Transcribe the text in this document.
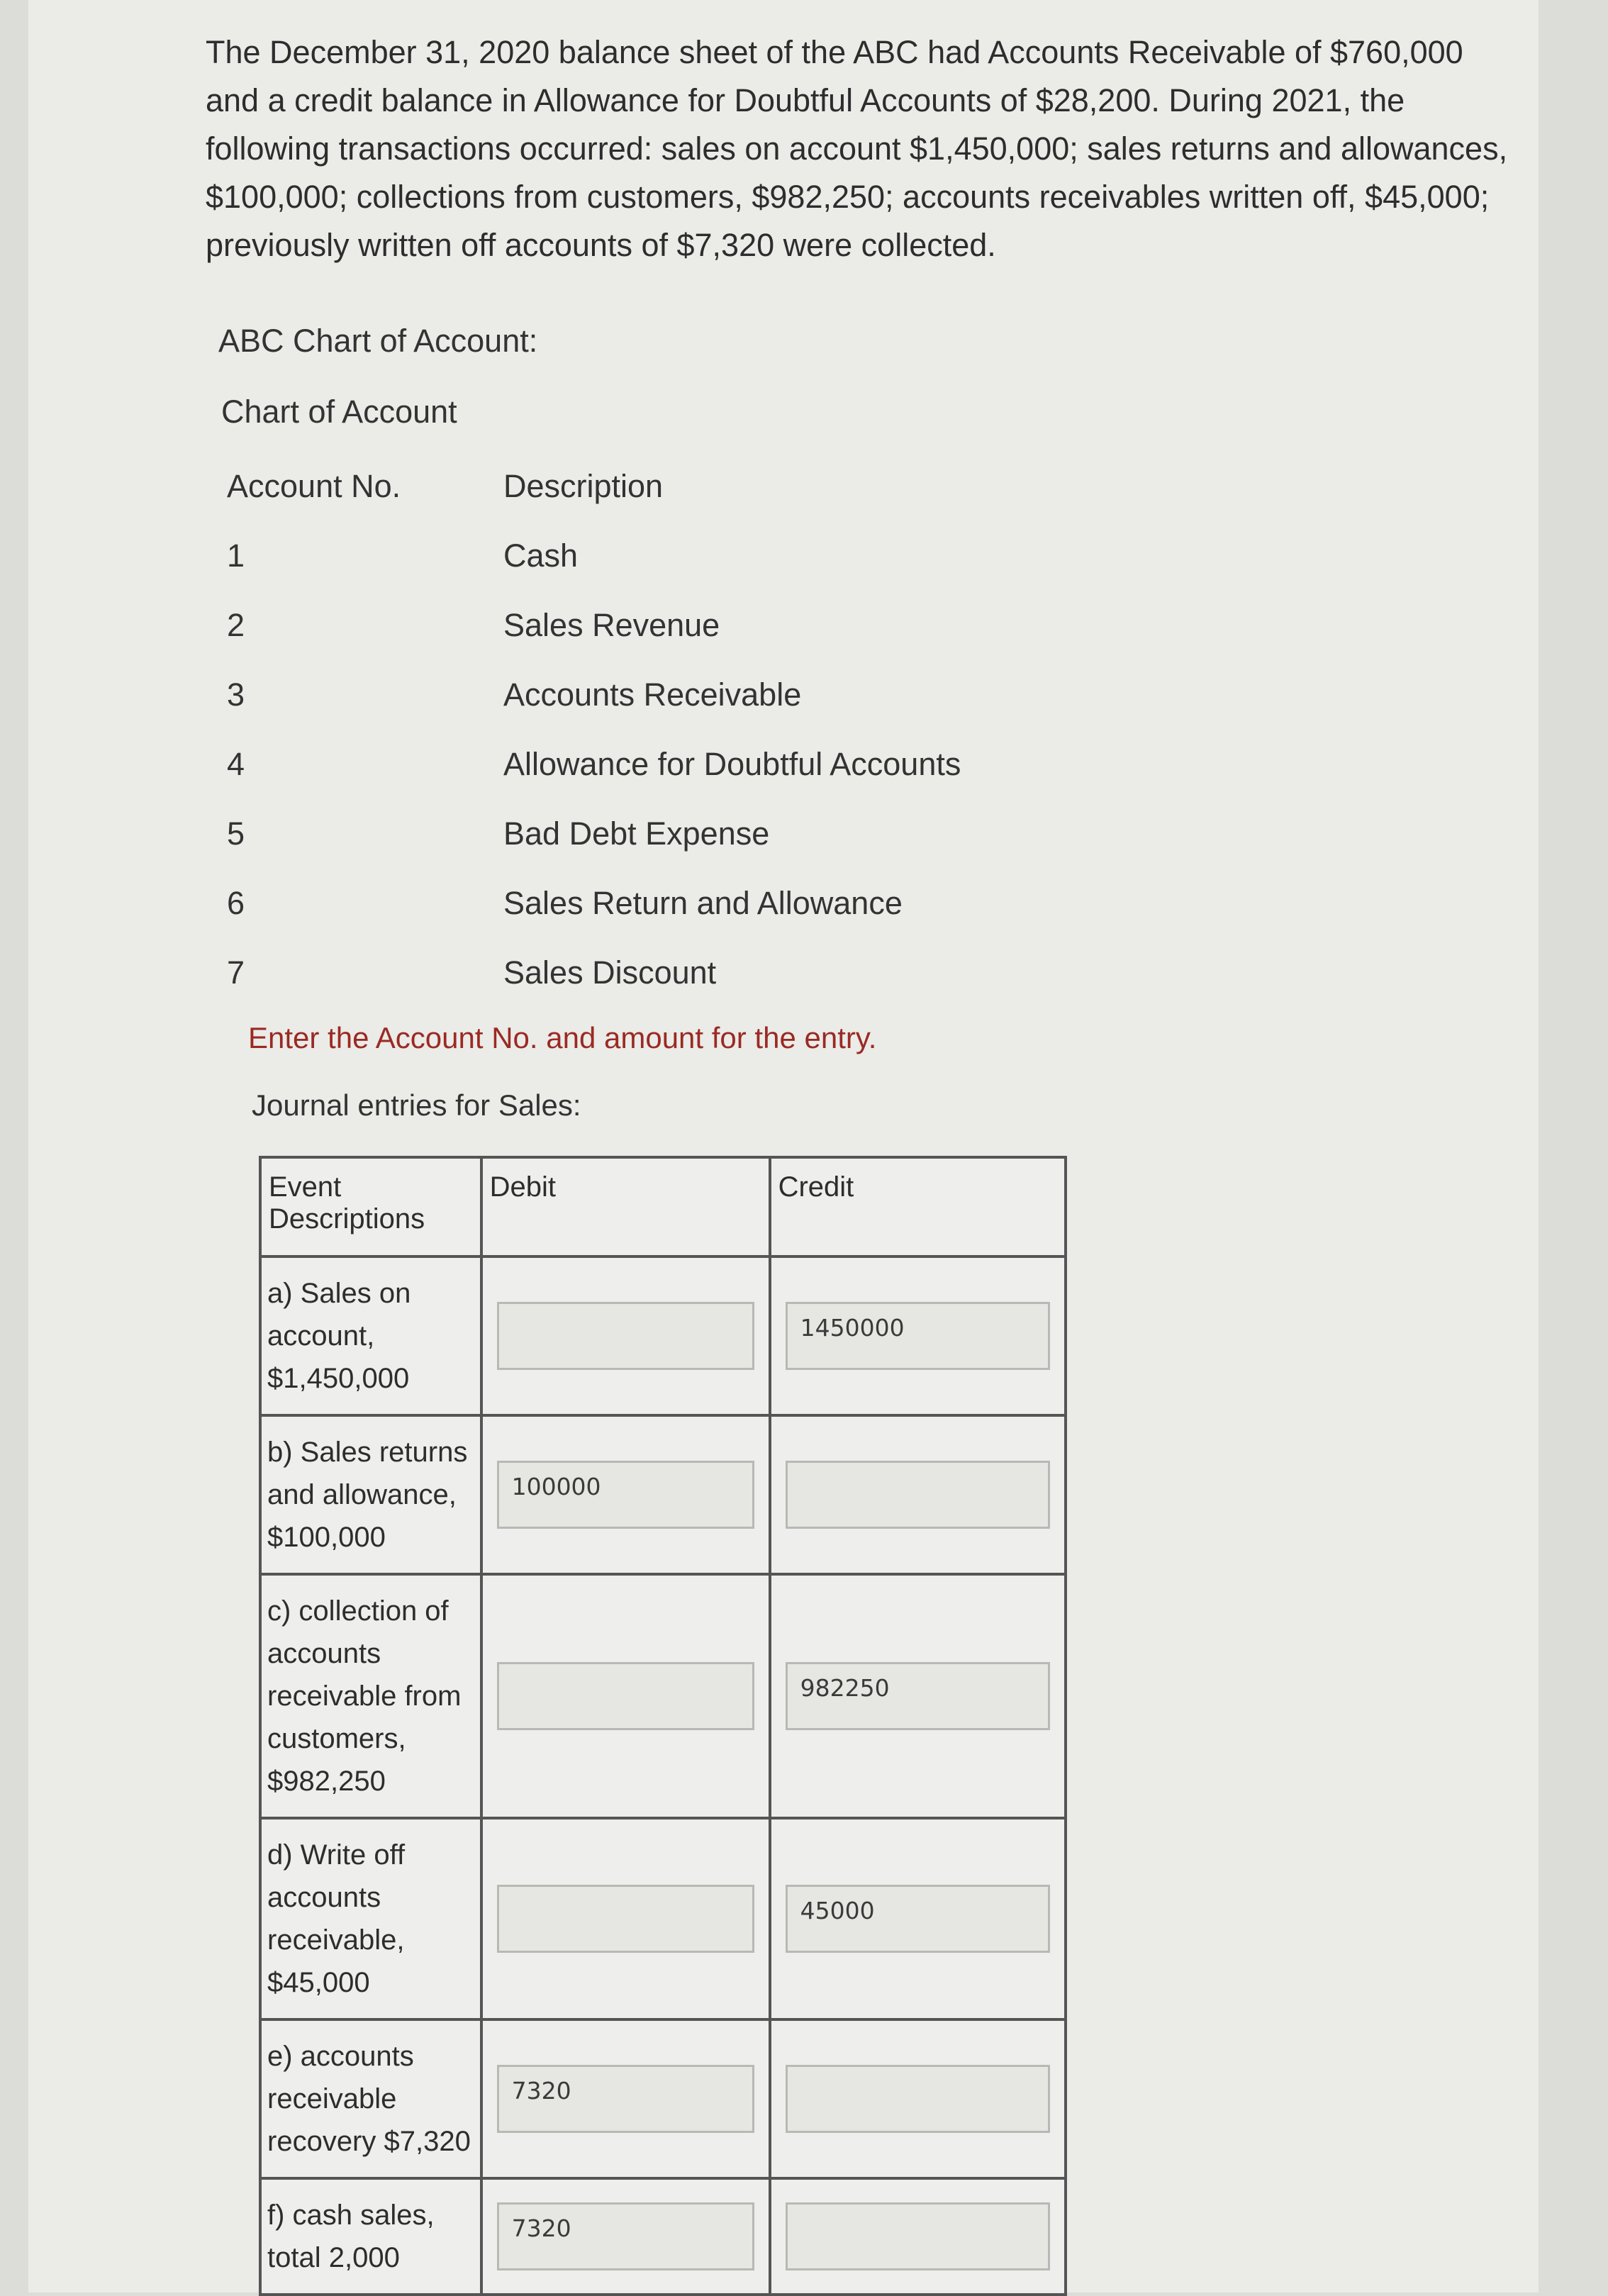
The December 31, 2020 balance sheet of the ABC had Accounts Receivable of $760,000 and a credit balance in Allowance for Doubtful Accounts of $28,200. During 2021, the following transactions occurred: sales on account $1,450,000; sales returns and allowances, $100,000; collections from customers, $982,250; accounts receivables written off, $45,000; previously written off accounts of $7,320 were collected.
ABC Chart of Account:
Chart of Account
Account No.	Description
1	Cash
2	Sales Revenue
3	Accounts Receivable
4	Allowance for Doubtful Accounts
5	Bad Debt Expense
6	Sales Return and Allowance
7	Sales Discount
Enter the Account No. and amount for the entry.
Journal entries for Sales:
Event Descriptions	Debit	Credit
a) Sales on account, $1,450,000		1450000

b) Sales returns and allowance, $100,000	100000	

c) collection of accounts receivable from customers, $982,250		982250

d) Write off accounts receivable, $45,000		45000

e) accounts receivable recovery $7,320	7320	

f) cash sales, total 2,000	7320	
